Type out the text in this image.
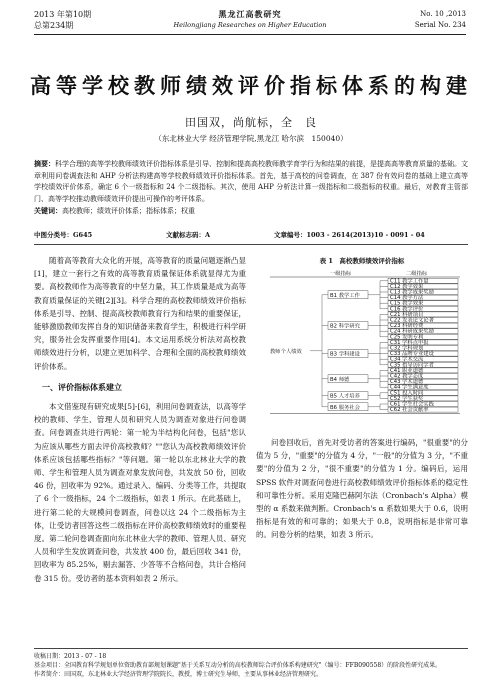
2013 年第10期
总第234期
黑龙江高教研究
Heilongjiang Researches on Higher Education
No. 10 ,2013
Serial No. 234
高等学校教师绩效评价指标体系的构建
田国双，尚航标，全　良
（东北林业大学 经济管理学院,黑龙江 哈尔滨　150040）
摘要：科学合理的高等学校教师绩效评价指标体系是引导、控制和提高高校教师教学育学行为和结果的前提，是提高高等教育质量的基础。文章利用问卷调查法和 AHP 分析法构建高等学校教师绩效评价指标体系。首先，基于高校的问卷调查，在 387 份有效问卷的基础上建立高等学校绩效评价体系，确定 6 个一级指标和 24 个二级指标。其次，使用 AHP 分析法计算一级指标和二级指标的权重。最后，对教育主管部门、高等学校推动教师绩效评价提出可操作的考评体系。
关键词：高校教师；绩效评价体系；指标体系；权重
中图分类号：G645	文献标志码：A	文章编号：1003 - 2614(2013)10 - 0091 - 04

随着高等教育大众化的开展，高等教育的质量问题逐渐凸显[1]，建立一套行之有效的高等教育质量保证体系就显得尤为重要。高校教师作为高等教育的中坚力量，其工作质量是成为高等教育质量保证的关键[2][3]。科学合理的高校教师绩效评价指标体系是引导、控制、提高高校教师教育行为和结果的重要保证，能够激励教师发挥自身的知识储备来教育学生，积极进行科学研究，服务社会发挥重要作用[4]。本文运用系统分析法对高校教师绩效进行分析，以建立更加科学、合理和全面的高校教师绩效评价体系。

一、评价指标体系建立

本文借鉴现有研究成果[5]-[6]，利用问卷调查法，以高等学校的教师、学生、管理人员和研究人员为调查对象进行问卷调查。问卷调查共进行两轮：第一轮为半结构化问卷，包括"您认为应该从哪些方面去评价高校教师？""您认为高校教师绩效评价体系应该包括哪些指标？"等问题。第一轮以东北林业大学的教师、学生和管理人员为调查对象发放问卷，共发放 50 份，回收 46 份，回收率为 92%。通过录入、编码、分类等工作，共提取了 6 个一级指标，24 个二级指标，如表 1 所示。在此基础上，进行第二轮的大规模问卷调查，问卷以这 24 个二级指标为主体，让受访者回答这些二级指标在评价高校教师绩效时的重要程度。第二轮问卷调查面向东北林业大学的教师、管理人员、研究人员和学生发放调查问卷，共发放 400 份，最后回收 341 份，回收率为 85.25%，剔去漏答、少答等不合格问卷，共计合格问卷 315 份。受访者的基本资料如表 2 所示。

表 1　高校教师绩效评价指标
一级指标	二级指标
C11 教学工作量
C12 教学效果
C13 教学成果奖励
C14 教学方法
C15 教学效果
C16 教学评价
B1 教学工作
C21 科研项目
C22 发表论文论著
C23 科研经费
C24 科研成果奖励
C25 发明专利
B2 科学研究
C31 学科点申报
C32 学科规划
C33 品牌专业建设
C34 学术交流
C35 指导访问学者
B3 学科建设
C41 职业道德
C42 教学态度
C43 学术道德
C44 学生满意度
B4 师德
C51 投入时间
C52 学生获奖
B5 人才培养
C61 学生社会实践
C62 社会贡献率
B6 服务社会
教师个人绩效

问卷回收后，首先对受访者的答案进行编码，"很重要"的分值为 5 分，"重要"的分值为 4 分，"一般"的分值为 3 分，"不重要"的分值为 2 分，"很不重要"的分值为 1 分。编码后，运用 SPSS 软件对调查问卷进行高校教师绩效评价指标体系的稳定性和可靠性分析。采用克隆巴赫阿尔法（Cronbach's Alpha）模型的 α 系数来做判断。Cronbach's α 系数如果大于 0.6，说明指标是有效的和可靠的；如果大于 0.8，说明指标是非常可靠的。问卷分析的结果，如表 3 所示。

收稿日期：2013 - 07 - 18
基金项目：全国教育科学规划单位资助教育部规划课题"基于关系互动分析的高校教师综合评价体系构建研究"（编号：FFB090558）的阶段性研究成果。
作者简介：田国双，东北林业大学经济管理学院院长，教授，博士研究生导师，主要从事林业经济管理研究。
